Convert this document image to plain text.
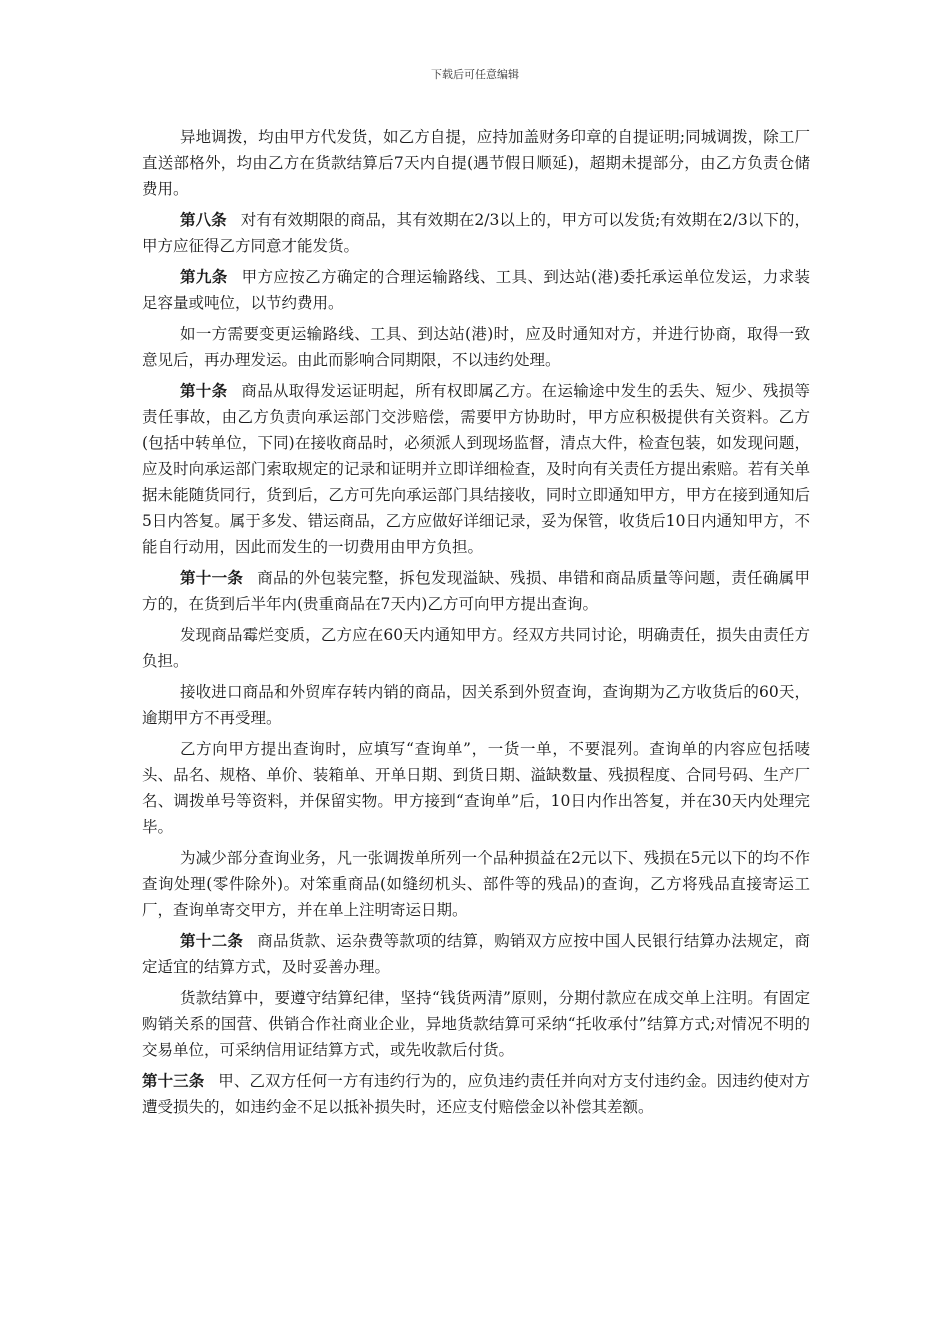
下载后可任意编辑

异地调拨，均由甲方代发货，如乙方自提，应持加盖财务印章的自提证明;同城调拨，除工厂直送部格外，均由乙方在货款结算后7天内自提(遇节假日顺延)，超期未提部分，由乙方负责仓储费用。

第八条 对有有效期限的商品，其有效期在2/3以上的，甲方可以发货;有效期在2/3以下的，甲方应征得乙方同意才能发货。

第九条 甲方应按乙方确定的合理运输路线、工具、到达站(港)委托承运单位发运，力求装足容量或吨位，以节约费用。

如一方需要变更运输路线、工具、到达站(港)时，应及时通知对方，并进行协商，取得一致意见后，再办理发运。由此而影响合同期限，不以违约处理。

第十条 商品从取得发运证明起，所有权即属乙方。在运输途中发生的丢失、短少、残损等责任事故，由乙方负责向承运部门交涉赔偿，需要甲方协助时，甲方应积极提供有关资料。乙方(包括中转单位，下同)在接收商品时，必须派人到现场监督，清点大件，检查包装，如发现问题，应及时向承运部门索取规定的记录和证明并立即详细检查，及时向有关责任方提出索赔。若有关单据未能随货同行，货到后，乙方可先向承运部门具结接收，同时立即通知甲方，甲方在接到通知后5日内答复。属于多发、错运商品，乙方应做好详细记录，妥为保管，收货后10日内通知甲方，不能自行动用，因此而发生的一切费用由甲方负担。

第十一条 商品的外包装完整，拆包发现溢缺、残损、串错和商品质量等问题，责任确属甲方的，在货到后半年内(贵重商品在7天内)乙方可向甲方提出查询。

发现商品霉烂变质，乙方应在60天内通知甲方。经双方共同讨论，明确责任，损失由责任方负担。

接收进口商品和外贸库存转内销的商品，因关系到外贸查询，查询期为乙方收货后的60天，逾期甲方不再受理。

乙方向甲方提出查询时，应填写“查询单”，一货一单，不要混列。查询单的内容应包括唛头、品名、规格、单价、装箱单、开单日期、到货日期、溢缺数量、残损程度、合同号码、生产厂名、调拨单号等资料，并保留实物。甲方接到“查询单”后，10日内作出答复，并在30天内处理完毕。

为减少部分查询业务，凡一张调拨单所列一个品种损益在2元以下、残损在5元以下的均不作查询处理(零件除外)。对笨重商品(如缝纫机头、部件等的残品)的查询，乙方将残品直接寄运工厂，查询单寄交甲方，并在单上注明寄运日期。

第十二条 商品货款、运杂费等款项的结算，购销双方应按中国人民银行结算办法规定，商定适宜的结算方式，及时妥善办理。

货款结算中，要遵守结算纪律，坚持“钱货两清”原则，分期付款应在成交单上注明。有固定购销关系的国营、供销合作社商业企业，异地货款结算可采纳“托收承付”结算方式;对情况不明的交易单位，可采纳信用证结算方式，或先收款后付货。

第十三条 甲、乙双方任何一方有违约行为的，应负违约责任并向对方支付违约金。因违约使对方遭受损失的，如违约金不足以抵补损失时，还应支付赔偿金以补偿其差额。
